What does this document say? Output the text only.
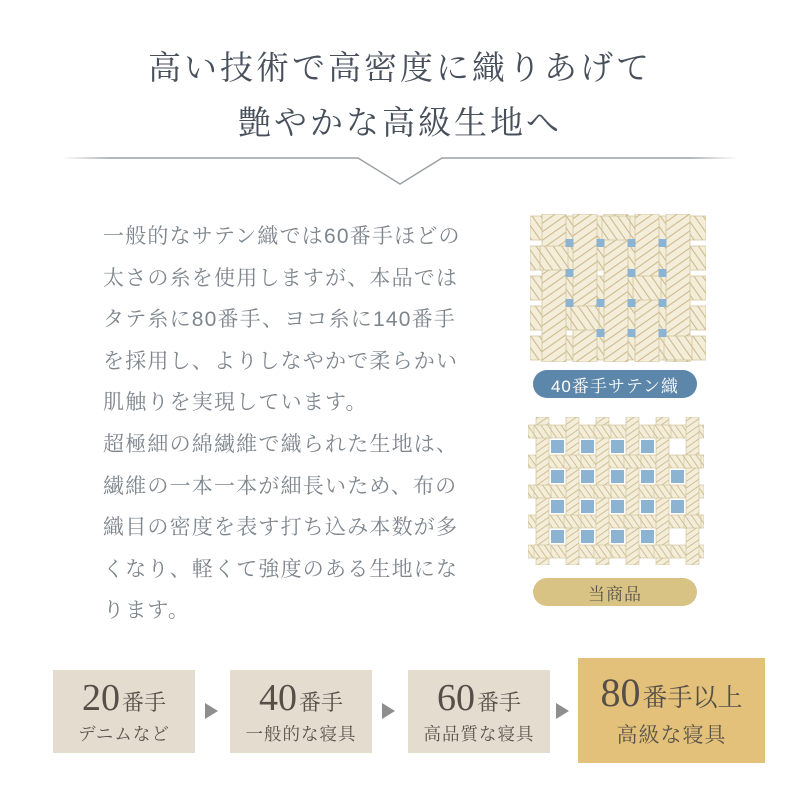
高い技術で高密度に織りあげて
艶やかな高級生地へ
一般的なサテン織では60番手ほどの
太さの糸を使用しますが、本品では
タテ糸に80番手、ヨコ糸に140番手
を採用し、よりしなやかで柔らかい
肌触りを実現しています。
40番手サテン織
超極細の綿繊維で織られた生地は、
繊維の一本一本が細長いため、布の
織目の密度を表す打ち込み本数が多
くなり、軽くて強度のある生地にな
ります。
当商品
20 番手
デニムなど
40 番手
一般的な寝具
60 番手
高品質な寝具
80 番手以上
高級な寝具
